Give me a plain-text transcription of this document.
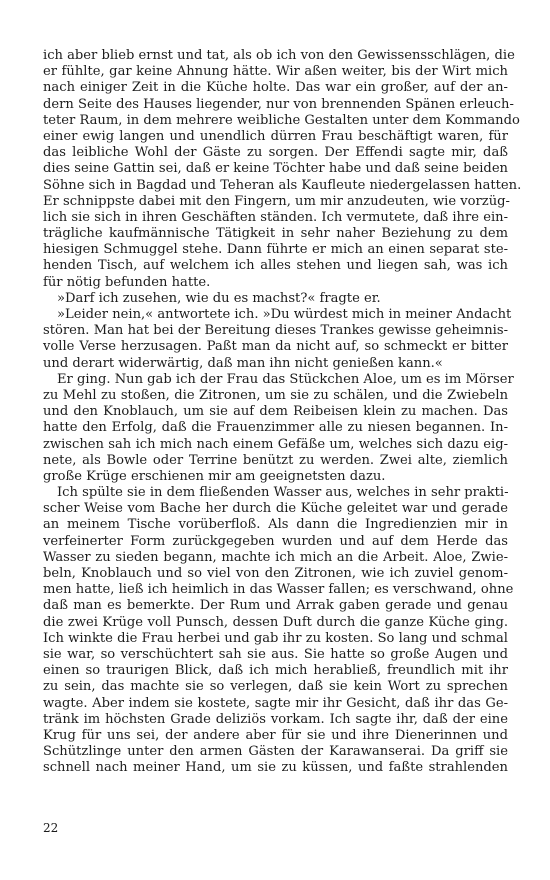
ich aber blieb ernst und tat, als ob ich von den Gewissensschlägen, die
er fühlte, gar keine Ahnung hätte. Wir aßen weiter, bis der Wirt mich
nach einiger Zeit in die Küche holte. Das war ein großer, auf der an-
dern Seite des Hauses liegender, nur von brennenden Spänen erleuch-
teter Raum, in dem mehrere weibliche Gestalten unter dem Kommando
einer ewig langen und unendlich dürren Frau beschäftigt waren, für
das leibliche Wohl der Gäste zu sorgen. Der Effendi sagte mir, daß
dies seine Gattin sei, daß er keine Töchter habe und daß seine beiden
Söhne sich in Bagdad und Teheran als Kaufleute niedergelassen hatten.
Er schnippste dabei mit den Fingern, um mir anzudeuten, wie vorzüg-
lich sie sich in ihren Geschäften ständen. Ich vermutete, daß ihre ein-
trägliche kaufmännische Tätigkeit in sehr naher Beziehung zu dem
hiesigen Schmuggel stehe. Dann führte er mich an einen separat ste-
henden Tisch, auf welchem ich alles stehen und liegen sah, was ich
für nötig befunden hatte.
»Darf ich zusehen, wie du es machst?« fragte er.
»Leider nein,« antwortete ich. »Du würdest mich in meiner Andacht
stören. Man hat bei der Bereitung dieses Trankes gewisse geheimnis-
volle Verse herzusagen. Paßt man da nicht auf, so schmeckt er bitter
und derart widerwärtig, daß man ihn nicht genießen kann.«
Er ging. Nun gab ich der Frau das Stückchen Aloe, um es im Mörser
zu Mehl zu stoßen, die Zitronen, um sie zu schälen, und die Zwiebeln
und den Knoblauch, um sie auf dem Reibeisen klein zu machen. Das
hatte den Erfolg, daß die Frauenzimmer alle zu niesen begannen. In-
zwischen sah ich mich nach einem Gefäße um, welches sich dazu eig-
nete, als Bowle oder Terrine benützt zu werden. Zwei alte, ziemlich
große Krüge erschienen mir am geeignetsten dazu.
Ich spülte sie in dem fließenden Wasser aus, welches in sehr prakti-
scher Weise vom Bache her durch die Küche geleitet war und gerade
an meinem Tische vorüberfloß. Als dann die Ingredienzien mir in
verfeinerter Form zurückgegeben wurden und auf dem Herde das
Wasser zu sieden begann, machte ich mich an die Arbeit. Aloe, Zwie-
beln, Knoblauch und so viel von den Zitronen, wie ich zuviel genom-
men hatte, ließ ich heimlich in das Wasser fallen; es verschwand, ohne
daß man es bemerkte. Der Rum und Arrak gaben gerade und genau
die zwei Krüge voll Punsch, dessen Duft durch die ganze Küche ging.
Ich winkte die Frau herbei und gab ihr zu kosten. So lang und schmal
sie war, so verschüchtert sah sie aus. Sie hatte so große Augen und
einen so traurigen Blick, daß ich mich herabließ, freundlich mit ihr
zu sein, das machte sie so verlegen, daß sie kein Wort zu sprechen
wagte. Aber indem sie kostete, sagte mir ihr Gesicht, daß ihr das Ge-
tränk im höchsten Grade deliziös vorkam. Ich sagte ihr, daß der eine
Krug für uns sei, der andere aber für sie und ihre Dienerinnen und
Schützlinge unter den armen Gästen der Karawanserai. Da griff sie
schnell nach meiner Hand, um sie zu küssen, und faßte strahlenden
22
